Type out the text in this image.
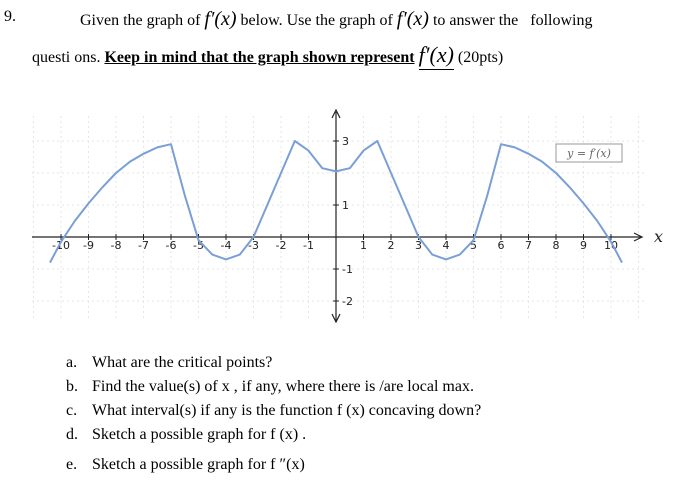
9.	Given the graph of f′(x) below. Use the graph of f′(x) to answer the following
questi ons. Keep in mind that the graph shown represent f′(x) (20pts)
-10 -9 -8 -7 -6 -5 -4 -3 -2 -1	1 2 3 4 5 6 7 8 9 10
3
1
-1
-2
x
y = f′(x)
a. What are the critical points?
b. Find the value(s) of x , if any, where there is /are local max.
c. What interval(s) if any is the function f (x) concaving down?
d. Sketch a possible graph for f (x) .
e. Sketch a possible graph for f ″(x)
